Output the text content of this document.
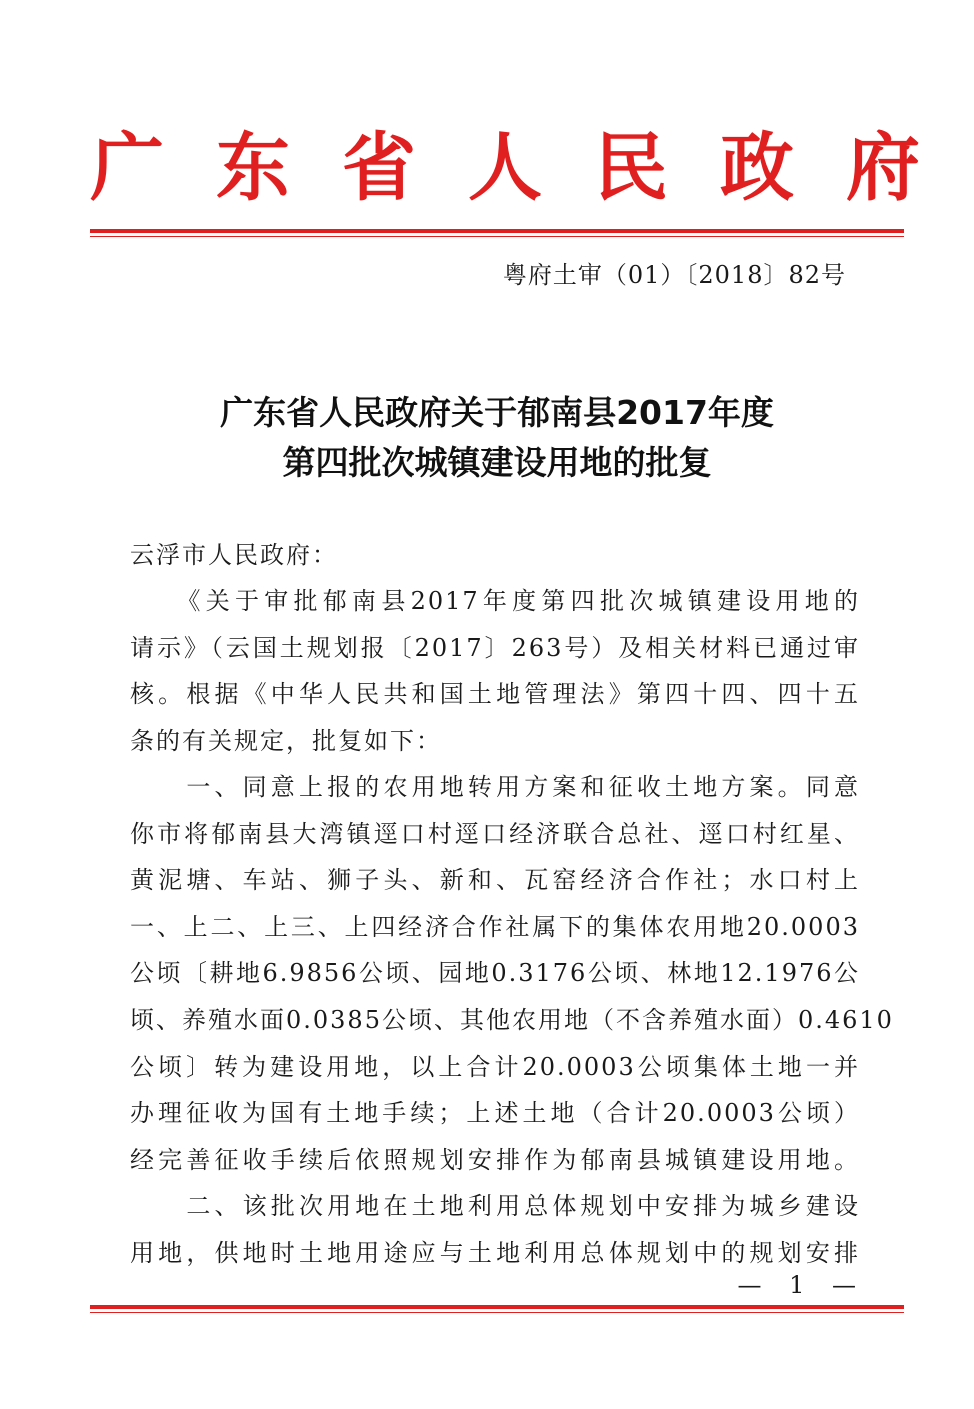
广东省人民政府
粤府土审（01）〔2018〕82号
广东省人民政府关于郁南县2017年度
第四批次城镇建设用地的批复
云浮市人民政府：
　　《关于审批郁南县2017年度第四批次城镇建设用地的
请示》（云国土规划报〔2017〕263号）及相关材料已通过审
核。根据《中华人民共和国土地管理法》第四十四、四十五
条的有关规定，批复如下：
　　一、同意上报的农用地转用方案和征收土地方案。同意
你市将郁南县大湾镇逕口村逕口经济联合总社、逕口村红星、
黄泥塘、车站、狮子头、新和、瓦窑经济合作社；水口村上
一、上二、上三、上四经济合作社属下的集体农用地20.0003
公顷〔耕地6.9856公顷、园地0.3176公顷、林地12.1976公
顷、养殖水面0.0385公顷、其他农用地（不含养殖水面）0.4610
公顷〕转为建设用地，以上合计20.0003公顷集体土地一并
办理征收为国有土地手续；上述土地（合计20.0003公顷）
经完善征收手续后依照规划安排作为郁南县城镇建设用地。
　　二、该批次用地在土地利用总体规划中安排为城乡建设
用地，供地时土地用途应与土地利用总体规划中的规划安排
— 1 —
